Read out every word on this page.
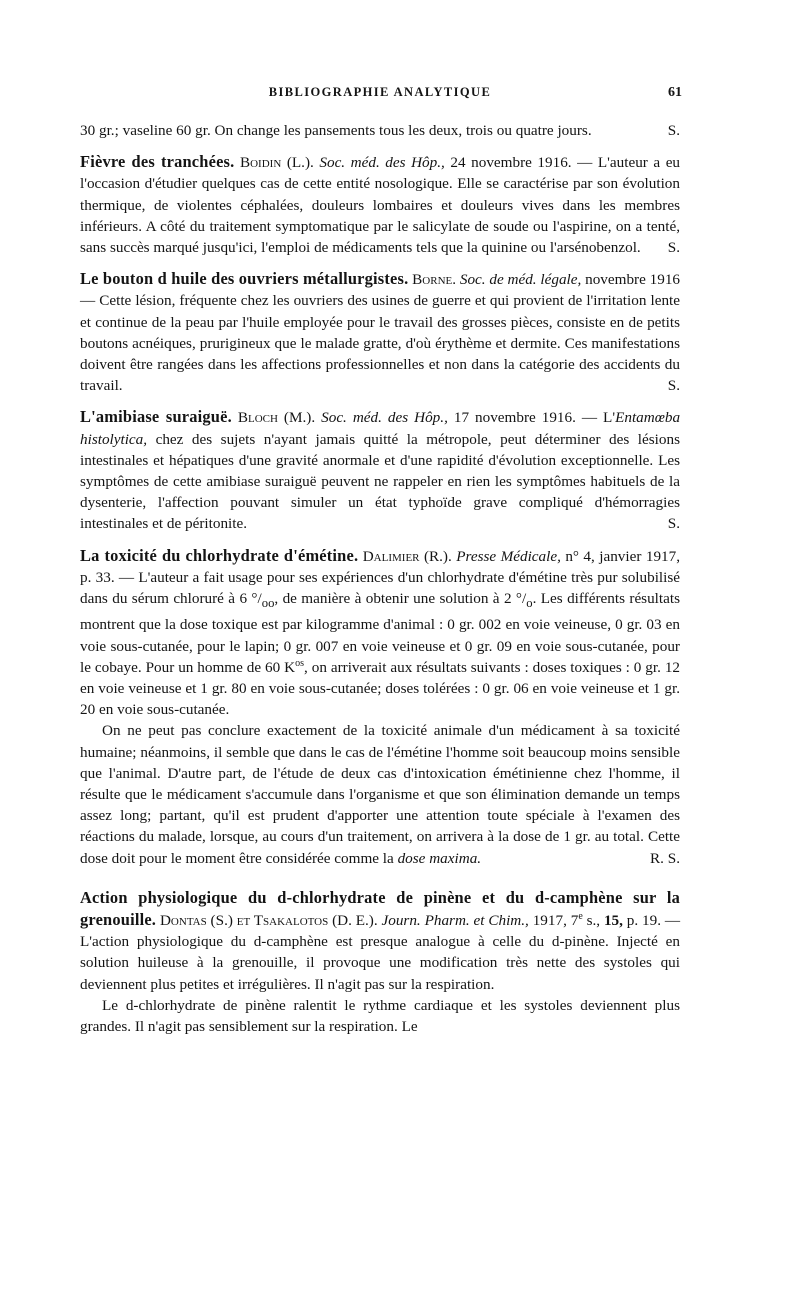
BIBLIOGRAPHIE ANALYTIQUE	61

30 gr.; vaseline 60 gr. On change les pansements tous les deux, trois ou quatre jours.	S.

Fièvre des tranchées. Boidin (L.). Soc. méd. des Hôp., 24 novembre 1916. — L'auteur a eu l'occasion d'étudier quelques cas de cette entité nosologique. Elle se caractérise par son évolution thermique, de violentes céphalées, douleurs lombaires et douleurs vives dans les membres inférieurs. A côté du traitement symptomatique par le salicylate de soude ou l'aspirine, on a tenté, sans succès marqué jusqu'ici, l'emploi de médicaments tels que la quinine ou l'arsénobenzol. S.

Le bouton d huile des ouvriers métallurgistes. Borne. Soc. de méd. légale, novembre 1916 — Cette lésion, fréquente chez les ouvriers des usines de guerre et qui provient de l'irritation lente et continue de la peau par l'huile employée pour le travail des grosses pièces, consiste en de petits boutons acnéiques, prurigineux que le malade gratte, d'où érythème et dermite. Ces manifestations doivent être rangées dans les affections professionnelles et non dans la catégorie des accidents du travail.	S.

L'amibiase suraiguë. Bloch (M.). Soc. méd. des Hôp., 17 novembre 1916. — L'Entamœba histolytica, chez des sujets n'ayant jamais quitté la métropole, peut déterminer des lésions intestinales et hépatiques d'une gravité anormale et d'une rapidité d'évolution exceptionnelle. Les symptômes de cette amibiase suraiguë peuvent ne rappeler en rien les symptômes habituels de la dysenterie, l'affection pouvant simuler un état typhoïde grave compliqué d'hémorragies intestinales et de péritonite.	S.

La toxicité du chlorhydrate d'émétine. Dalimier (R.). Presse Médicale, n° 4, janvier 1917, p. 33. — L'auteur a fait usage pour ses expériences d'un chlorhydrate d'émétine très pur solubilisé dans du sérum chloruré à 6 $^\circ/_{oo}$, de manière à obtenir une solution à 2 $^\circ/_o$. Les différents résultats montrent que la dose toxique est par kilogramme d'animal : 0 gr. 002 en voie veineuse, 0 gr. 03 en voie sous-cutanée, pour le lapin; 0 gr. 007 en voie veineuse et 0 gr. 09 en voie sous-cutanée, pour le cobaye. Pour un homme de 60 $K^{os}$, on arriverait aux résultats suivants : doses toxiques : 0 gr. 12 en voie veineuse et 1 gr. 80 en voie sous-cutanée; doses tolérées : 0 gr. 06 en voie veineuse et 1 gr. 20 en voie sous-cutanée.

On ne peut pas conclure exactement de la toxicité animale d'un médicament à sa toxicité humaine; néanmoins, il semble que dans le cas de l'émétine l'homme soit beaucoup moins sensible que l'animal. D'autre part, de l'étude de deux cas d'intoxication émétinienne chez l'homme, il résulte que le médicament s'accumule dans l'organisme et que son élimination demande un temps assez long; partant, qu'il est prudent d'apporter une attention toute spéciale à l'examen des réactions du malade, lorsque, au cours d'un traitement, on arrivera à la dose de 1 gr. au total. Cette dose doit pour le moment être considérée comme la dose maxima.	R. S.

Action physiologique du d-chlorhydrate de pinène et du d-camphène sur la grenouille. Dontas (S.) et Tsakalotos (D. E.). Journ. Pharm. et Chim., 1917, 7e s., 15, p. 19. — L'action physiologique du d-camphène est presque analogue à celle du d-pinène. Injecté en solution huileuse à la grenouille, il provoque une modification très nette des systoles qui deviennent plus petites et irrégulières. Il n'agit pas sur la respiration.

Le d-chlorhydrate de pinène ralentit le rythme cardiaque et les systoles deviennent plus grandes. Il n'agit pas sensiblement sur la respiration. Le
